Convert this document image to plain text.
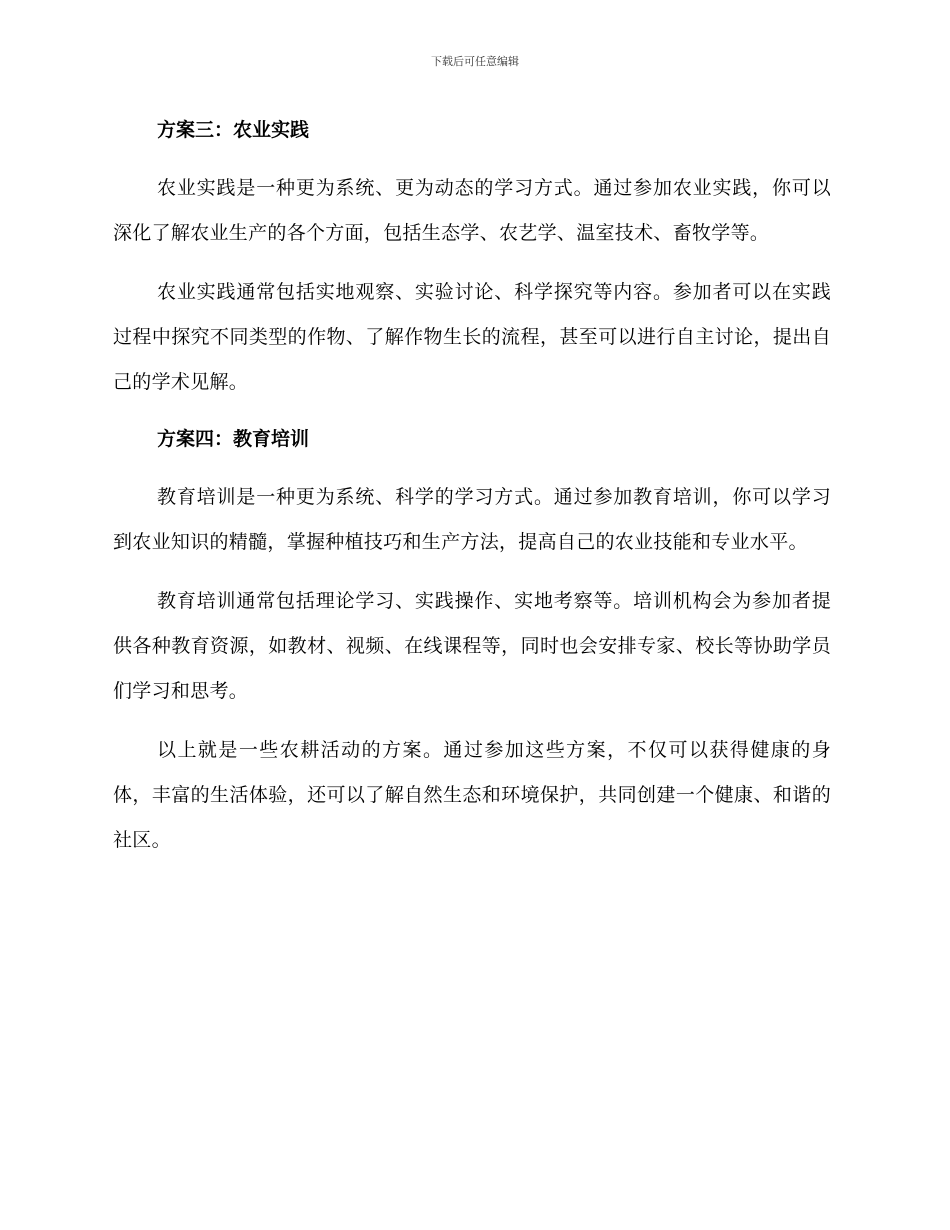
下载后可任意编辑
方案三：农业实践

农业实践是一种更为系统、更为动态的学习方式。通过参加农业实践，你可以深化了解农业生产的各个方面，包括生态学、农艺学、温室技术、畜牧学等。

农业实践通常包括实地观察、实验讨论、科学探究等内容。参加者可以在实践过程中探究不同类型的作物、了解作物生长的流程，甚至可以进行自主讨论，提出自己的学术见解。

方案四：教育培训

教育培训是一种更为系统、科学的学习方式。通过参加教育培训，你可以学习到农业知识的精髓，掌握种植技巧和生产方法，提高自己的农业技能和专业水平。

教育培训通常包括理论学习、实践操作、实地考察等。培训机构会为参加者提供各种教育资源，如教材、视频、在线课程等，同时也会安排专家、校长等协助学员们学习和思考。

以上就是一些农耕活动的方案。通过参加这些方案，不仅可以获得健康的身体，丰富的生活体验，还可以了解自然生态和环境保护，共同创建一个健康、和谐的社区。
